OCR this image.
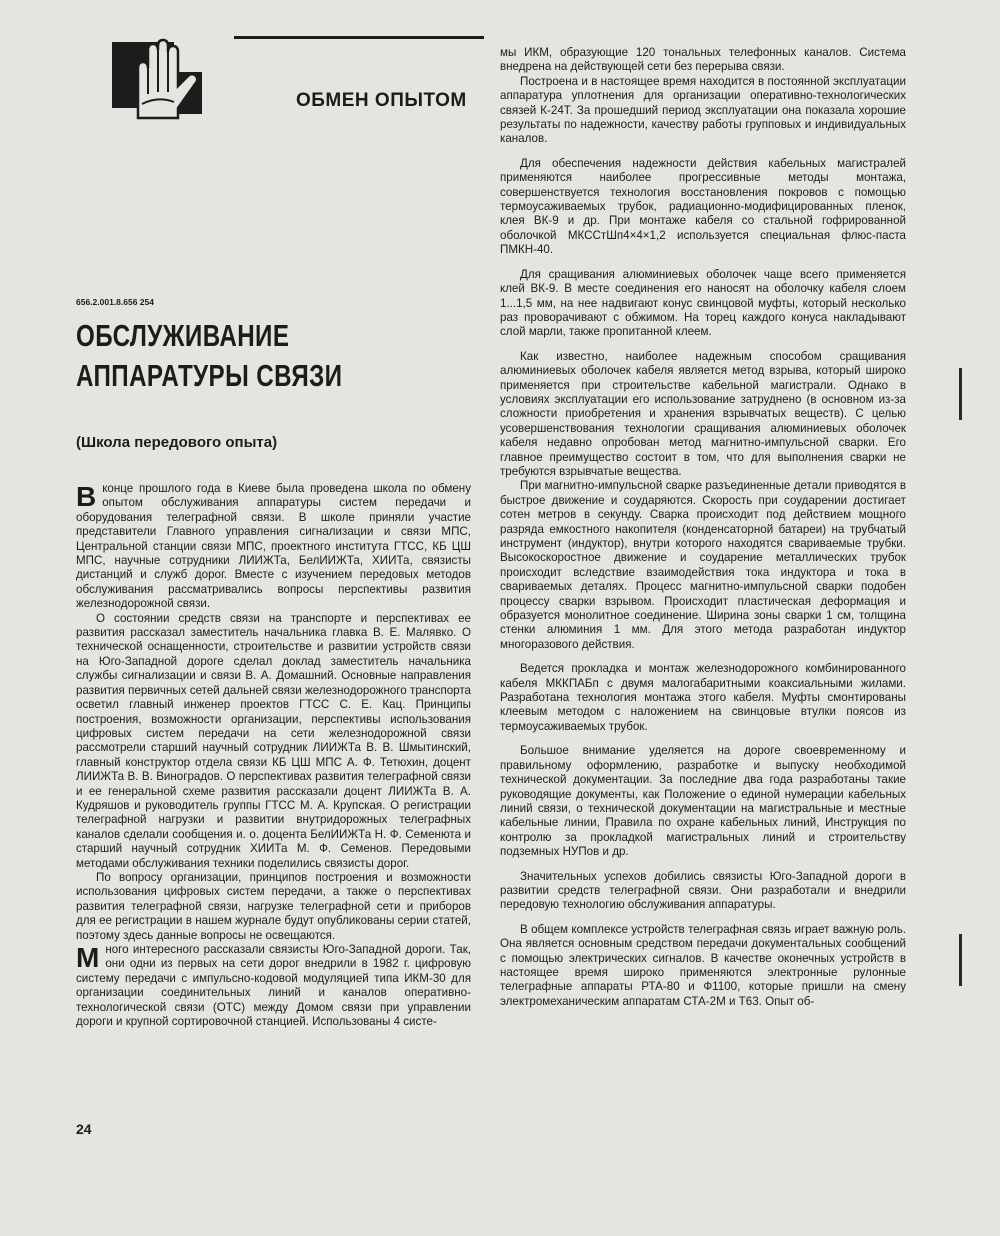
ОБМЕН ОПЫТОМ
656.2.001.8.656 254
ОБСЛУЖИВАНИЕ
АППАРАТУРЫ СВЯЗИ
(Школа передового опыта)

Вконце прошлого года в Киеве была проведена школа по обмену опытом обслуживания аппаратуры систем передачи и оборудования телеграфной связи. В школе приняли участие представители Главного управления сигнализации и связи МПС, Центральной станции связи МПС, проектного института ГТСС, КБ ЦШ МПС, научные сотрудники ЛИИЖТа, БелИИЖТа, ХИИТа, связисты дистанций и служб дорог. Вместе с изучением передовых методов обслуживания рассматривались вопросы перспективы развития железнодорожной связи.

О состоянии средств связи на транспорте и перспективах ее развития рассказал заместитель начальника главка В. Е. Малявко. О технической оснащенности, строительстве и развитии устройств связи на Юго-Западной дороге сделал доклад заместитель начальника службы сигнализации и связи В. А. Домашний. Основные направления развития первичных сетей дальней связи железнодорожного транспорта осветил главный инженер проектов ГТСС С. Е. Кац. Принципы построения, возможности организации, перспективы использования цифровых систем передачи на сети железнодорожной связи рассмотрели старший научный сотрудник ЛИИЖТа В. В. Шмытинский, главный конструктор отдела связи КБ ЦШ МПС А. Ф. Тетюхин, доцент ЛИИЖТа В. В. Виноградов. О перспективах развития телеграфной связи и ее генеральной схеме развития рассказали доцент ЛИИЖТа В. А. Кудряшов и руководитель группы ГТСС М. А. Крупская. О регистрации телеграфной нагрузки и развитии внутридорожных телеграфных каналов сделали сообщения и. о. доцента БелИИЖТа Н. Ф. Семенюта и старший научный сотрудник ХИИТа М. Ф. Семенов. Передовыми методами обслуживания техники поделились связисты дорог.

По вопросу организации, принципов построения и возможности использования цифровых систем передачи, а также о перспективах развития телеграфной связи, нагрузке телеграфной сети и приборов для ее регистрации в нашем журнале будут опубликованы серии статей, поэтому здесь данные вопросы не освещаются.

Много интересного рассказали связисты Юго-Западной дороги. Так, они одни из первых на сети дорог внедрили в 1982 г. цифровую систему передачи с импульсно-кодовой модуляцией типа ИКМ-30 для организации соединительных линий и каналов оперативно-технологической связи (ОТС) между Домом связи при управлении дороги и крупной сортировочной станцией. Использованы 4 систе-

мы ИКМ, образующие 120 тональных телефонных каналов. Система внедрена на действующей сети без перерыва связи.

Построена и в настоящее время находится в постоянной эксплуатации аппаратура уплотнения для организации оперативно-технологических связей К-24Т. За прошедший период эксплуатации она показала хорошие результаты по надежности, качеству работы групповых и индивидуальных каналов.

Для обеспечения надежности действия кабельных магистралей применяются наиболее прогрессивные методы монтажа, совершенствуется технология восстановления покровов с помощью термоусаживаемых трубок, радиационно-модифицированных пленок, клея ВК-9 и др. При монтаже кабеля со стальной гофрированной оболочкой МКССтШп4×4×1,2 используется специальная флюс-паста ПМКН-40.

Для сращивания алюминиевых оболочек чаще всего применяется клей ВК-9. В месте соединения его наносят на оболочку кабеля слоем 1...1,5 мм, на нее надвигают конус свинцовой муфты, который несколько раз проворачивают с обжимом. На торец каждого конуса накладывают слой марли, также пропитанной клеем.

Как известно, наиболее надежным способом сращивания алюминиевых оболочек кабеля является метод взрыва, который широко применяется при строительстве кабельной магистрали. Однако в условиях эксплуатации его использование затруднено (в основном из-за сложности приобретения и хранения взрывчатых веществ). С целью усовершенствования технологии сращивания алюминиевых оболочек кабеля недавно опробован метод магнитно-импульсной сварки. Его главное преимущество состоит в том, что для выполнения сварки не требуются взрывчатые вещества.

При магнитно-импульсной сварке разъединенные детали приводятся в быстрое движение и соударяются. Скорость при соударении достигает сотен метров в секунду. Сварка происходит под действием мощного разряда емкостного накопителя (конденсаторной батареи) на трубчатый инструмент (индуктор), внутри которого находятся свариваемые трубки. Высокоскоростное движение и соударение металлических трубок происходит вследствие взаимодействия тока индуктора и тока в свариваемых деталях. Процесс магнитно-импульсной сварки подобен процессу сварки взрывом. Происходит пластическая деформация и образуется монолитное соединение. Ширина зоны сварки 1 см, толщина стенки алюминия 1 мм. Для этого метода разработан индуктор многоразового действия.

Ведется прокладка и монтаж железнодорожного комбинированного кабеля МККПАБп с двумя малогабаритными коаксиальными жилами. Разработана технология монтажа этого кабеля. Муфты смонтированы клеевым методом с наложением на свинцовые втулки поясов из термоусаживаемых трубок.

Большое внимание уделяется на дороге своевременному и правильному оформлению, разработке и выпуску необходимой технической документации. За последние два года разработаны такие руководящие документы, как Положение о единой нумерации кабельных линий связи, о технической документации на магистральные и местные кабельные линии, Правила по охране кабельных линий, Инструкция по контролю за прокладкой магистральных линий и строительству подземных НУПов и др.

Значительных успехов добились связисты Юго-Западной дороги в развитии средств телеграфной связи. Они разработали и внедрили передовую технологию обслуживания аппаратуры.

В общем комплексе устройств телеграфная связь играет важную роль. Она является основным средством передачи документальных сообщений с помощью электрических сигналов. В качестве оконечных устройств в настоящее время широко применяются электронные рулонные телеграфные аппараты РТА-80 и Ф1100, которые пришли на смену электромеханическим аппаратам СТА-2М и Т63. Опыт об-

24
